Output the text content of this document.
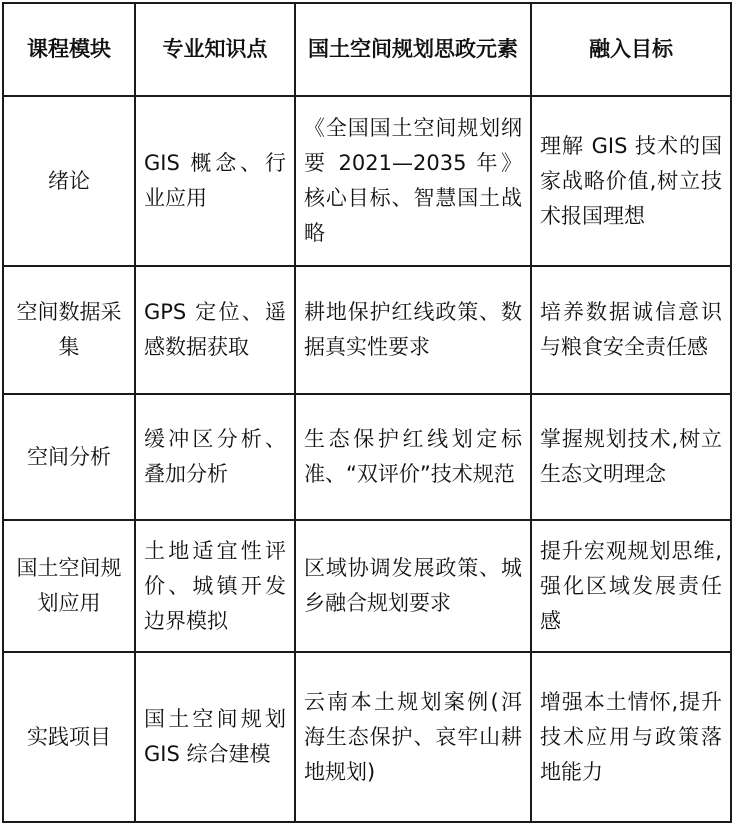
课程模块	专业知识点	国土空间规划思政元素	融入目标
绪论	GIS 概念、行业应用	《全国国土空间规划纲要 2021—2035 年》核心目标、智慧国土战略	理解 GIS 技术的国家战略价值,树立技术报国理想
空间数据采集	GPS 定位、遥感数据获取	耕地保护红线政策、数据真实性要求	培养数据诚信意识与粮食安全责任感
空间分析	缓冲区分析、叠加分析	生态保护红线划定标准、“双评价”技术规范	掌握规划技术,树立生态文明理念
国土空间规划应用	土地适宜性评价、城镇开发边界模拟	区域协调发展政策、城乡融合规划要求	提升宏观规划思维,强化区域发展责任感
实践项目	国土空间规划 GIS 综合建模	云南本土规划案例(洱海生态保护、哀牢山耕地规划)	增强本土情怀,提升技术应用与政策落地能力
